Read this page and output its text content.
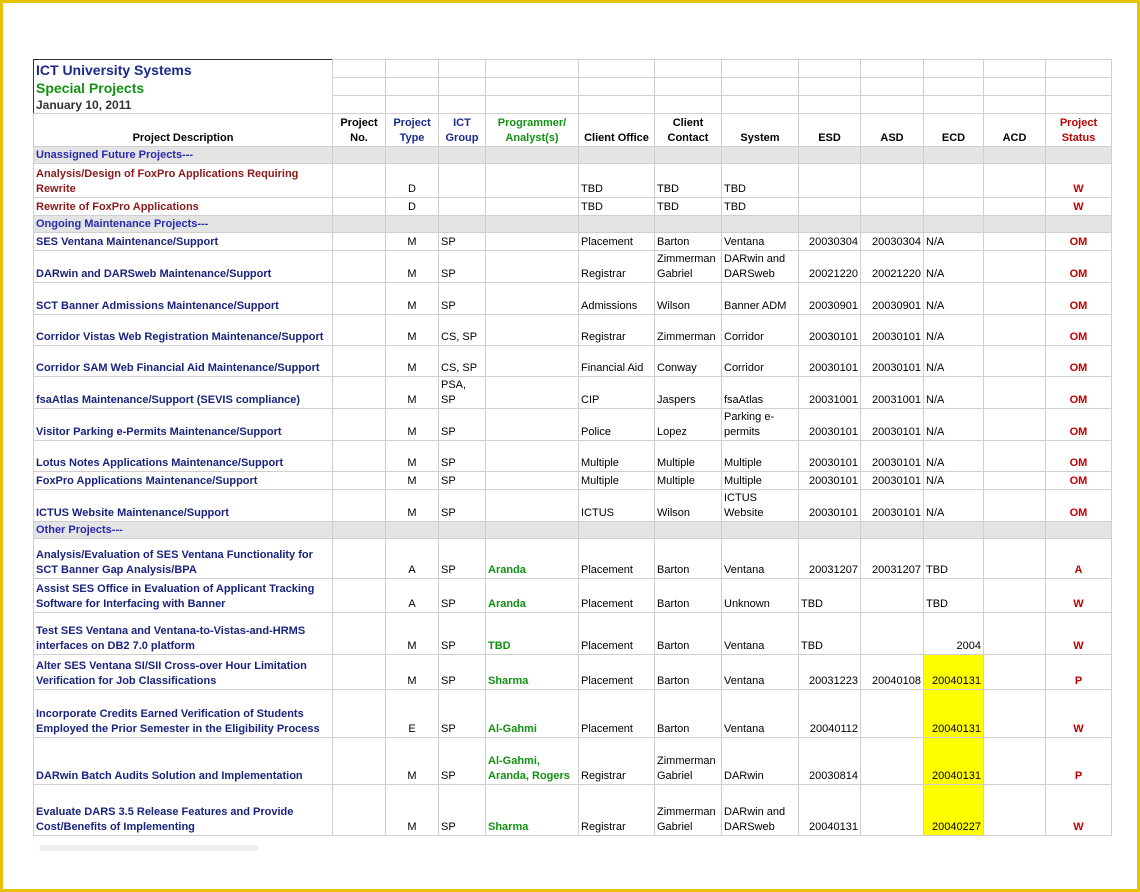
ICT University Systems												
Special Projects												
January 10, 2011												
Project Description	Project No.	Project Type	ICT Group	Programmer/ Analyst(s)	Client Office	Client Contact	System	ESD	ASD	ECD	ACD	Project Status
Unassigned Future Projects---												
Analysis/Design of FoxPro Applications Requiring Rewrite		D			TBD	TBD	TBD					W
Rewrite of FoxPro Applications		D			TBD	TBD	TBD					W
Ongoing Maintenance Projects---												
SES Ventana Maintenance/Support		M	SP		Placement	Barton	Ventana	20030304	20030304	N/A		OM
DARwin and DARSweb Maintenance/Support		M	SP		Registrar	Zimmerman Gabriel	DARwin and DARSweb	20021220	20021220	N/A		OM
SCT Banner Admissions Maintenance/Support		M	SP		Admissions	Wilson	Banner ADM	20030901	20030901	N/A		OM
Corridor Vistas Web Registration Maintenance/Support		M	CS, SP		Registrar	Zimmerman	Corridor	20030101	20030101	N/A		OM
Corridor SAM Web Financial Aid Maintenance/Support		M	CS, SP		Financial Aid	Conway	Corridor	20030101	20030101	N/A		OM
fsaAtlas Maintenance/Support (SEVIS compliance)		M	PSA, SP		CIP	Jaspers	fsaAtlas	20031001	20031001	N/A		OM
Visitor Parking e-Permits Maintenance/Support		M	SP		Police	Lopez	Parking e-permits	20030101	20030101	N/A		OM
Lotus Notes Applications Maintenance/Support		M	SP		Multiple	Multiple	Multiple	20030101	20030101	N/A		OM
FoxPro Applications Maintenance/Support		M	SP		Multiple	Multiple	Multiple	20030101	20030101	N/A		OM
ICTUS Website Maintenance/Support		M	SP		ICTUS	Wilson	ICTUS Website	20030101	20030101	N/A		OM
Other Projects---												
Analysis/Evaluation of SES Ventana Functionality for SCT Banner Gap Analysis/BPA		A	SP	Aranda	Placement	Barton	Ventana	20031207	20031207	TBD		A
Assist SES Office in Evaluation of Applicant Tracking Software for Interfacing with Banner		A	SP	Aranda	Placement	Barton	Unknown	TBD		TBD		W
Test SES Ventana and Ventana-to-Vistas-and-HRMS interfaces on DB2 7.0 platform		M	SP	TBD	Placement	Barton	Ventana	TBD		2004		W
Alter SES Ventana SI/SII Cross-over Hour Limitation Verification for Job Classifications		M	SP	Sharma	Placement	Barton	Ventana	20031223	20040108	20040131		P
Incorporate Credits Earned Verification of Students Employed the Prior Semester in the Eligibility Process		E	SP	Al-Gahmi	Placement	Barton	Ventana	20040112		20040131		W
DARwin Batch Audits Solution and Implementation		M	SP	Al-Gahmi, Aranda, Rogers	Registrar	Zimmerman Gabriel	DARwin	20030814		20040131		P
Evaluate DARS 3.5 Release Features and Provide Cost/Benefits of Implementing		M	SP	Sharma	Registrar	Zimmerman Gabriel	DARwin and DARSweb	20040131		20040227		W
